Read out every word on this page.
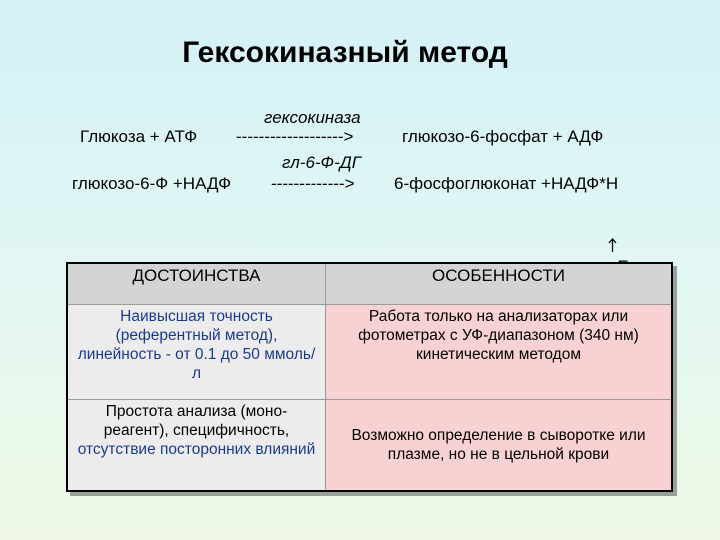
Гексокиназный метод
гексокиназа
Глюкоза + АТФ ------------------->	глюкозо-6-фосфат + АДФ
гл-6-Ф-ДГ
глюкозо-6-Ф +НАДФ -------------> 6-фосфоглюконат +НАДФ*Н

ДОСТОИНСТВА	ОСОБЕННОСТИ
Наивысшая точность (референтный метод), линейность - от 0.1 до 50 ммоль/л	Работа только на анализаторах или фотометрах с УФ-диапазоном (340 нм) кинетическим методом
Простота анализа (моно-реагент), специфичность, отсутствие посторонних влияний	Возможно определение в сыворотке или плазме, но не в цельной крови
